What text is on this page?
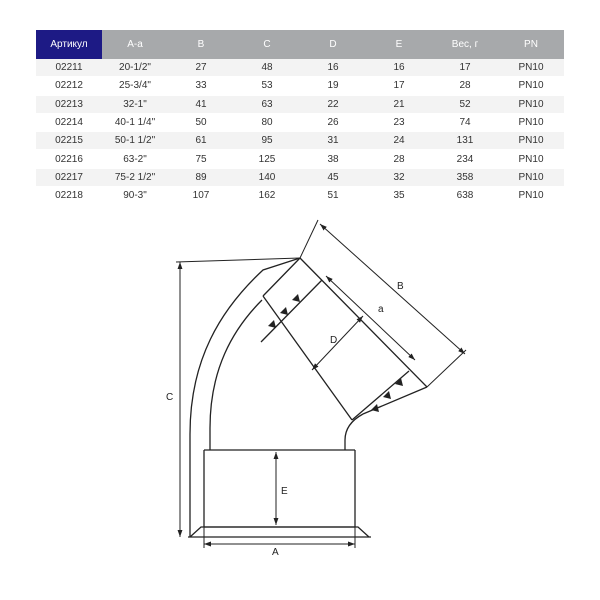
Артикул	A-a	B	C	D	E	Вес, г	PN
02211	20-1/2"	27	48	16	16	17	PN10
02212	25-3/4"	33	53	19	17	28	PN10
02213	32-1"	41	63	22	21	52	PN10
02214	40-1 1/4"	50	80	26	23	74	PN10
02215	50-1 1/2"	61	95	31	24	131	PN10
02216	63-2"	75	125	38	28	234	PN10
02217	75-2 1/2"	89	140	45	32	358	PN10
02218	90-3"	107	162	51	35	638	PN10
C
A
E
B
a
D
